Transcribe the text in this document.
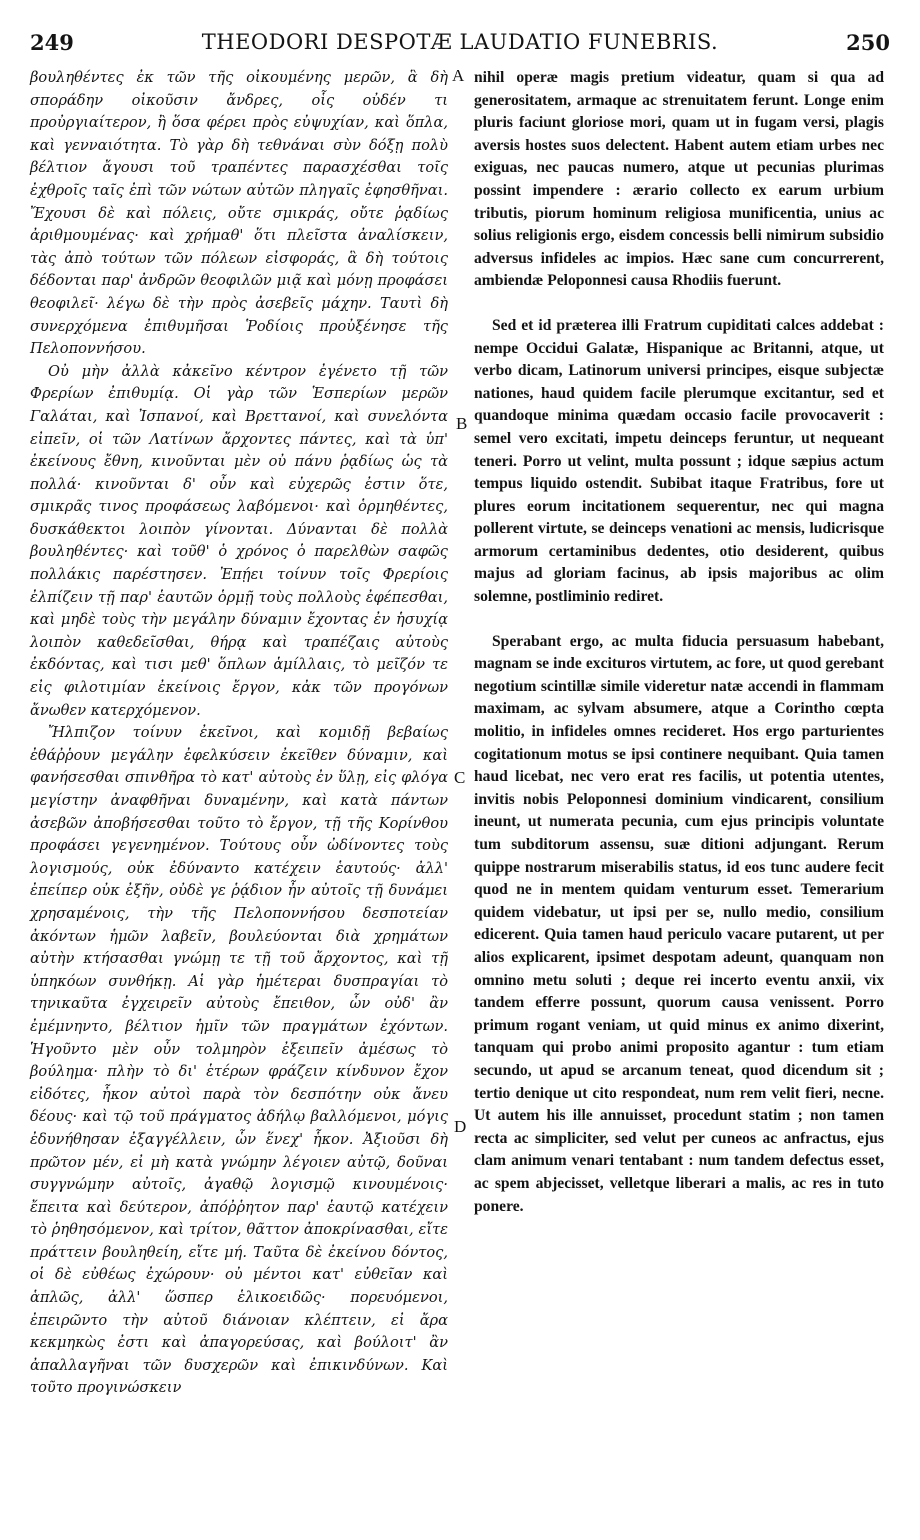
249	THEODORI DESPOTÆ LAUDATIO FUNEBRIS.	250

βουληθέντες ἐκ τῶν τῆς οἰκουμένης μερῶν, ἃ δὴ σποράδην οἰκοῦσιν ἄνδρες, οἷς οὐδέν τι προὐργιαίτερον, ἢ ὅσα φέρει πρὸς εὐψυχίαν, καὶ ὅπλα, καὶ γενναιότητα. Τὸ γὰρ δὴ τεθνάναι σὺν δόξῃ πολὺ βέλτιον ἄγουσι τοῦ τραπέντες παρασχέσθαι τοῖς ἐχθροῖς ταῖς ἐπὶ τῶν νώτων αὐτῶν πληγαῖς ἐφησθῆναι. Ἔχουσι δὲ καὶ πόλεις, οὔτε σμικράς, οὔτε ῥᾳδίως ἀριθμουμένας· καὶ χρήμαθ' ὅτι πλεῖστα ἀναλίσκειν, τὰς ἀπὸ τούτων τῶν πόλεων εἰσφοράς, ἃ δὴ τούτοις δέδονται παρ' ἀνδρῶν θεοφιλῶν μιᾷ καὶ μόνῃ προφάσει θεοφιλεῖ· λέγω δὲ τὴν πρὸς ἀσεβεῖς μάχην. Ταυτὶ δὴ συνερχόμενα ἐπιθυμῆσαι Ῥοδίοις προὐξένησε τῆς Πελοποννήσου.

Οὐ μὴν ἀλλὰ κἀκεῖνο κέντρον ἐγένετο τῇ τῶν Φρερίων ἐπιθυμίᾳ. Οἱ γὰρ τῶν Ἑσπερίων μερῶν Γαλάται, καὶ Ἰσπανοί, καὶ Βρεττανοί, καὶ συνελόντα εἰπεῖν, οἱ τῶν Λατίνων ἄρχοντες πάντες, καὶ τὰ ὑπ' ἐκείνους ἔθνη, κινοῦνται μὲν οὐ πάνυ ῥᾳδίως ὡς τὰ πολλά· κινοῦνται δ' οὖν καὶ εὐχερῶς ἐστιν ὅτε, σμικρᾶς τινος προφάσεως λαβόμενοι· καὶ ὁρμηθέντες, δυσκάθεκτοι λοιπὸν γίνονται. Δύνανται δὲ πολλὰ βουληθέντες· καὶ τοῦθ' ὁ χρόνος ὁ παρελθὼν σαφῶς πολλάκις παρέστησεν. Ἐπῄει τοίνυν τοῖς Φρερίοις ἐλπίζειν τῇ παρ' ἑαυτῶν ὁρμῇ τοὺς πολλοὺς ἐφέπεσθαι, καὶ μηδὲ τοὺς τὴν μεγάλην δύναμιν ἔχοντας ἐν ἡσυχίᾳ λοιπὸν καθεδεῖσθαι, θήρᾳ καὶ τραπέζαις αὐτοὺς ἐκδόντας, καὶ τισι μεθ' ὅπλων ἁμίλλαις, τὸ μεῖζόν τε εἰς φιλοτιμίαν ἐκείνοις ἔργον, κἀκ τῶν προγόνων ἄνωθεν κατερχόμενον.

Ἤλπιζον τοίνυν ἐκεῖνοι, καὶ κομιδῇ βεβαίως ἐθάῤῥουν μεγάλην ἐφελκύσειν ἐκεῖθεν δύναμιν, καὶ φανήσεσθαι σπινθῆρα τὸ κατ' αὐτοὺς ἐν ὕλῃ, εἰς φλόγα μεγίστην ἀναφθῆναι δυναμένην, καὶ κατὰ πάντων ἀσεβῶν ἀποβήσεσθαι τοῦτο τὸ ἔργον, τῇ τῆς Κορίνθου προφάσει γεγενημένον. Τούτους οὖν ὠδίνοντες τοὺς λογισμούς, οὐκ ἐδύναντο κατέχειν ἑαυτούς· ἀλλ' ἐπείπερ οὐκ ἐξῆν, οὐδὲ γε ῥᾴδιον ἦν αὐτοῖς τῇ δυνάμει χρησαμένοις, τὴν τῆς Πελοποννήσου δεσποτείαν ἀκόντων ἡμῶν λαβεῖν, βουλεύονται διὰ χρημάτων αὐτὴν κτήσασθαι γνώμῃ τε τῇ τοῦ ἄρχοντος, καὶ τῇ ὑπηκόων συνθήκῃ. Αἱ γὰρ ἡμέτεραι δυσπραγίαι τὸ τηνικαῦτα ἐγχειρεῖν αὐτοὺς ἔπειθον, ὧν οὐδ' ἂν ἐμέμνηντο, βέλτιον ἡμῖν τῶν πραγμάτων ἐχόντων. Ἡγοῦντο μὲν οὖν τολμηρὸν ἐξειπεῖν ἀμέσως τὸ βούλημα· πλὴν τὸ δι' ἑτέρων φράζειν κίνδυνον ἔχον εἰδότες, ἧκον αὐτοὶ παρὰ τὸν δεσπότην οὐκ ἄνευ δέους· καὶ τῷ τοῦ πράγματος ἀδήλῳ βαλλόμενοι, μόγις ἐδυνήθησαν ἐξαγγέλλειν, ὧν ἕνεχ' ἧκον. Ἀξιοῦσι δὴ πρῶτον μέν, εἰ μὴ κατὰ γνώμην λέγοιεν αὐτῷ, δοῦναι συγγνώμην αὐτοῖς, ἀγαθῷ λογισμῷ κινουμένοις· ἔπειτα καὶ δεύτερον, ἀπόῤῥητον παρ' ἑαυτῷ κατέχειν τὸ ῥηθησόμενον, καὶ τρίτον, θᾶττον ἀποκρίνασθαι, εἴτε πράττειν βουληθείη, εἴτε μή. Ταῦτα δὲ ἐκείνου δόντος, οἱ δὲ εὐθέως ἐχώρουν· οὐ μέντοι κατ' εὐθεῖαν καὶ ἁπλῶς, ἀλλ' ὥσπερ ἑλικοειδῶς· πορευόμενοι, ἐπειρῶντο τὴν αὐτοῦ διάνοιαν κλέπτειν, εἰ ἄρα κεκμηκὼς ἐστι καὶ ἀπαγορεύσας, καὶ βούλοιτ' ἂν ἀπαλλαγῆναι τῶν δυσχερῶν καὶ ἐπικινδύνων. Καὶ τοῦτο προγινώσκειν

A
B
C
D

nihil operæ magis pretium videatur, quam si qua ad generositatem, armaque ac strenuitatem ferunt. Longe enim pluris faciunt gloriose mori, quam ut in fugam versi, plagis aversis hostes suos delectent. Habent autem etiam urbes nec exiguas, nec paucas numero, atque ut pecunias plurimas possint impendere : ærario collecto ex earum urbium tributis, piorum hominum religiosa munificentia, unius ac solius religionis ergo, eisdem concessis belli nimirum subsidio adversus infideles ac impios. Hæc sane cum concurrerent, ambiendæ Peloponnesi causa Rhodiis fuerunt.

Sed et id præterea illi Fratrum cupiditati calces addebat : nempe Occidui Galatæ, Hispanique ac Britanni, atque, ut verbo dicam, Latinorum universi principes, eisque subjectæ nationes, haud quidem facile plerumque excitantur, sed et quandoque minima quædam occasio facile provocaverit : semel vero excitati, impetu deinceps feruntur, ut nequeant teneri. Porro ut velint, multa possunt ; idque sæpius actum tempus liquido ostendit. Subibat itaque Fratribus, fore ut plures eorum incitationem sequerentur, nec qui magna pollerent virtute, se deinceps venationi ac mensis, ludicrisque armorum certaminibus dedentes, otio desiderent, quibus majus ad gloriam facinus, ab ipsis majoribus ac olim solemne, postliminio rediret.

Sperabant ergo, ac multa fiducia persuasum habebant, magnam se inde excituros virtutem, ac fore, ut quod gerebant negotium scintillæ simile videretur natæ accendi in flammam maximam, ac sylvam absumere, atque a Corintho cœpta molitio, in infideles omnes recideret. Hos ergo parturientes cogitationum motus se ipsi continere nequibant. Quia tamen haud licebat, nec vero erat res facilis, ut potentia utentes, invitis nobis Peloponnesi dominium vindicarent, consilium ineunt, ut numerata pecunia, cum ejus principis voluntate tum subditorum assensu, suæ ditioni adjungant. Rerum quippe nostrarum miserabilis status, id eos tunc audere fecit quod ne in mentem quidam venturum esset. Temerarium quidem videbatur, ut ipsi per se, nullo medio, consilium edicerent. Quia tamen haud periculo vacare putarent, ut per alios explicarent, ipsimet despotam adeunt, quanquam non omnino metu soluti ; deque rei incerto eventu anxii, vix tandem efferre possunt, quorum causa venissent. Porro primum rogant veniam, ut quid minus ex animo dixerint, tanquam qui probo animi proposito agantur : tum etiam secundo, ut apud se arcanum teneat, quod dicendum sit ; tertio denique ut cito respondeat, num rem velit fieri, necne. Ut autem his ille annuisset, procedunt statim ; non tamen recta ac simpliciter, sed velut per cuneos ac anfractus, ejus clam animum venari tentabant : num tandem defectus esset, ac spem abjecisset, velletque liberari a malis, ac res in tuto ponere.
